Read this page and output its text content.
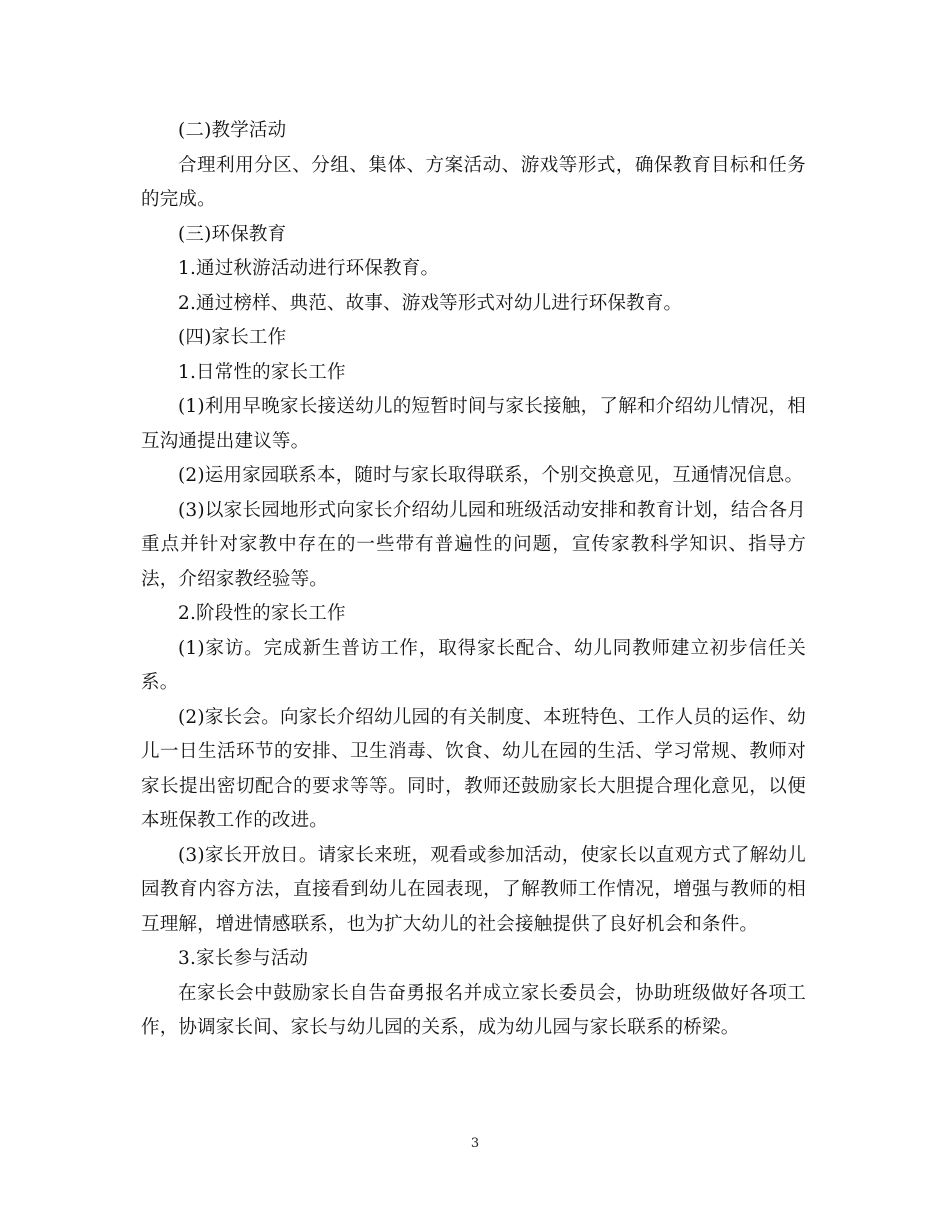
(二)教学活动

合理利用分区、分组、集体、方案活动、游戏等形式，确保教育目标和任务的完成。

(三)环保教育

1.通过秋游活动进行环保教育。

2.通过榜样、典范、故事、游戏等形式对幼儿进行环保教育。

(四)家长工作

1.日常性的家长工作

(1)利用早晚家长接送幼儿的短暂时间与家长接触，了解和介绍幼儿情况，相互沟通提出建议等。

(2)运用家园联系本，随时与家长取得联系，个别交换意见，互通情况信息。

(3)以家长园地形式向家长介绍幼儿园和班级活动安排和教育计划，结合各月重点并针对家教中存在的一些带有普遍性的问题，宣传家教科学知识、指导方法，介绍家教经验等。

2.阶段性的家长工作

(1)家访。完成新生普访工作，取得家长配合、幼儿同教师建立初步信任关系。

(2)家长会。向家长介绍幼儿园的有关制度、本班特色、工作人员的运作、幼儿一日生活环节的安排、卫生消毒、饮食、幼儿在园的生活、学习常规、教师对家长提出密切配合的要求等等。同时，教师还鼓励家长大胆提合理化意见，以便本班保教工作的改进。

(3)家长开放日。请家长来班，观看或参加活动，使家长以直观方式了解幼儿园教育内容方法，直接看到幼儿在园表现，了解教师工作情况，增强与教师的相互理解，增进情感联系，也为扩大幼儿的社会接触提供了良好机会和条件。

3.家长参与活动

在家长会中鼓励家长自告奋勇报名并成立家长委员会，协助班级做好各项工作，协调家长间、家长与幼儿园的关系，成为幼儿园与家长联系的桥梁。

3
